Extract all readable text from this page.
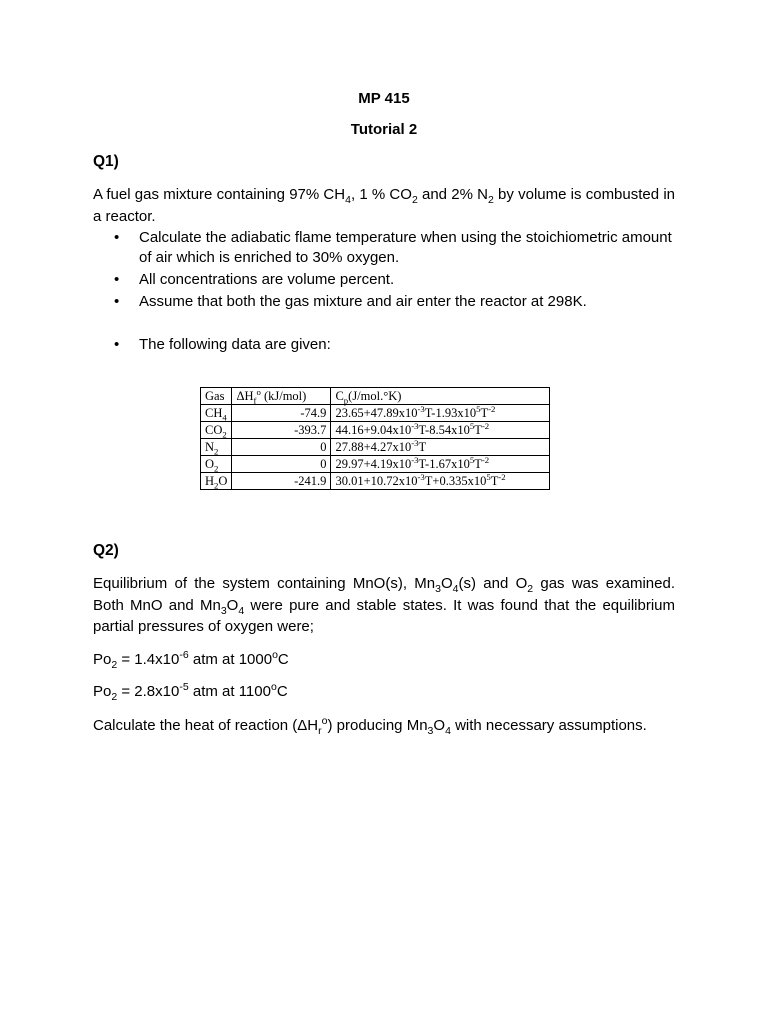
MP 415
Tutorial 2
Q1)
A fuel gas mixture containing 97% $CH_4$, 1 % $CO_2$ and 2% $N_2$ by volume is combusted in a reactor.
• Calculate the adiabatic flame temperature when using the stoichiometric amount of air which is enriched to 30% oxygen.
• All concentrations are volume percent.
• Assume that both the gas mixture and air enter the reactor at 298K.
• The following data are given:
Gas	$\Delta H_f^o$ (kJ/mol)	$C_p(J/mol.^\circ K)$
$CH_4$	-74.9	$23.65+47.89x10^{-3}T-1.93x10^5T^{-2}$
$CO_2$	-393.7	$44.16+9.04x10^{-3}T-8.54x10^5T^{-2}$
$N_2$	0	$27.88+4.27x10^{-3}T$
$O_2$	0	$29.97+4.19x10^{-3}T-1.67x10^5T^{-2}$
$H_2O$	-241.9	$30.01+10.72x10^{-3}T+0.335x10^5T^{-2}$
Q2)
Equilibrium of the system containing MnO(s), $Mn_3O_4(s)$ and $O_2$ gas was examined. Both MnO and $Mn_3O_4$ were pure and stable states. It was found that the equilibrium partial pressures of oxygen were;
$Po_2 = 1.4x10^{-6}$ atm at 1000$^o$C
$Po_2 = 2.8x10^{-5}$ atm at 1100$^o$C
Calculate the heat of reaction $(\Delta H_r^o)$ producing $Mn_3O_4$ with necessary assumptions.
